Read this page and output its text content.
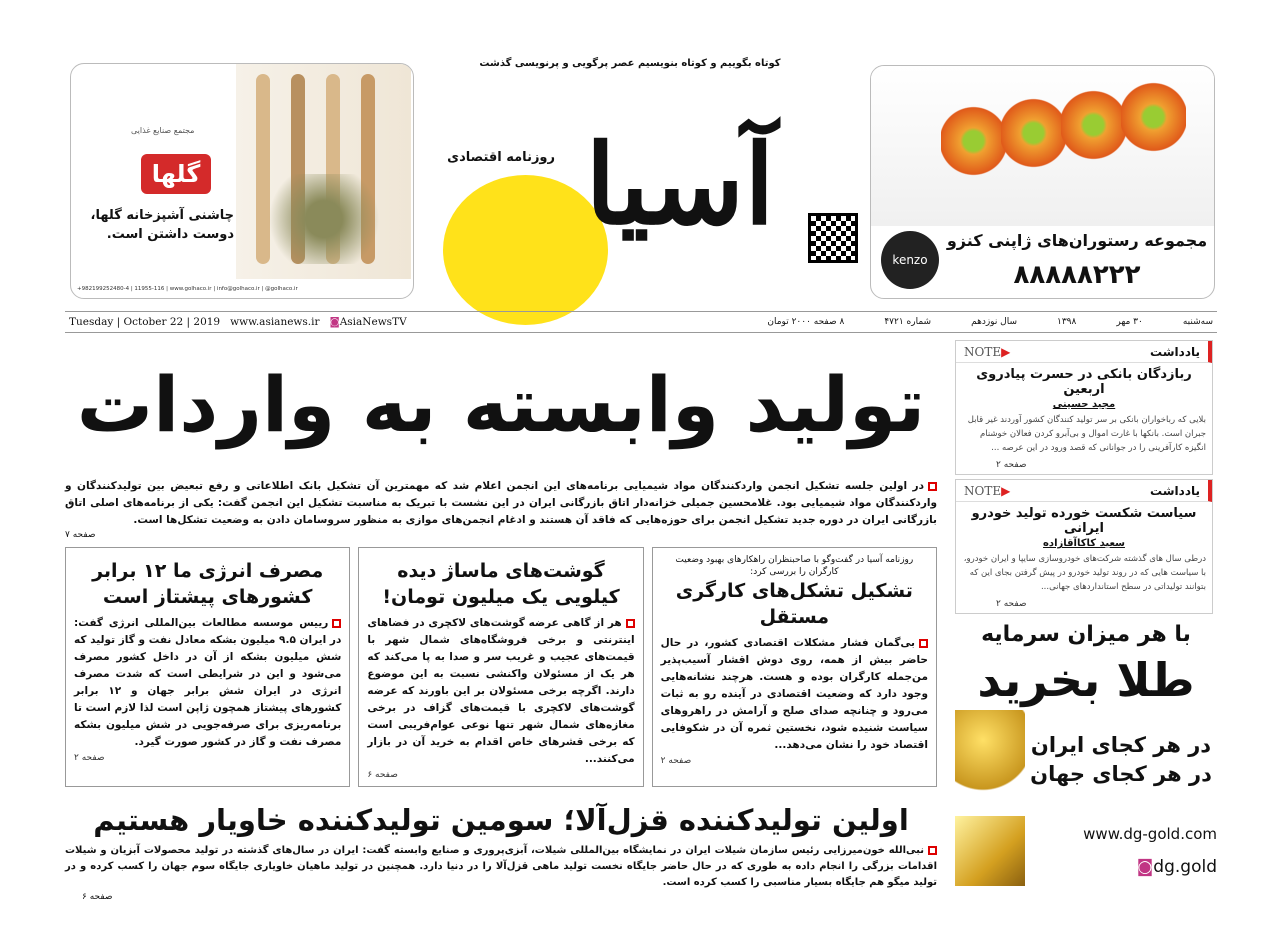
کوتاه بگوییم و کوتاه بنویسیم عصر پرگویی و پرنویسی گذشت
مجتمع صنایع غذایی
گلها
چاشنی آشپزخانه گلها، دوست داشتن است.
+982199252480-4 | 11955-116 | www.golhaco.ir | info@golhaco.ir | @golhaco.ir
آسیا
روزنامه اقتصادی
kenzo
مجموعه رستوران‌های ژاپنی کنزو
۸۸۸۸۸۲۲۲
Tuesday | October 22 | 2019 www.asianews.ir ◙AsiaNewsTV	سه‌شنبه
۳۰ مهر
۱۳۹۸
سال نوزدهم
شماره ۴۷۲۱
۸ صفحه ۲۰۰۰ تومان
تولید وابسته به واردات
در اولین جلسه تشکیل انجمن واردکنندگان مواد شیمیایی برنامه‌های این انجمن اعلام شد که مهمترین آن تشکیل بانک اطلاعاتی و رفع تبعیض بین تولیدکنندگان و واردکنندگان مواد شیمیایی بود. غلامحسین جمیلی خزانه‌دار اتاق بازرگانی ایران در این نشست با تبریک به مناسبت تشکیل این انجمن گفت: یکی از برنامه‌های اصلی اتاق بازرگانی ایران در دوره جدید تشکیل انجمن برای حوزه‌هایی که فاقد آن هستند و ادغام انجمن‌های موازی به منظور سروسامان دادن به وضعیت تشکل‌ها است.
صفحه ۷
روزنامه آسیا در گفت‌وگو با صاحبنظران راهکارهای بهبود وضعیت کارگران را بررسی کرد:
تشکیل تشکل‌های کارگری مستقل

بی‌گمان فشار مشکلات اقتصادی کشور، در حال حاضر بیش از همه، روی دوش اقشار آسیب‌پذیر من‌جمله کارگران بوده و هست. هرچند نشانه‌هایی وجود دارد که وضعیت اقتصادی در آینده رو به ثبات می‌رود و چنانچه صدای صلح و آرامش در راهروهای سیاست شنیده شود، نخستین ثمره آن در شکوفایی اقتصاد خود را نشان می‌دهد...

صفحه ۲
گوشت‌های ماساژ دیده کیلویی یک میلیون تومان!

هر از گاهی عرضه گوشت‌های لاکچری در فضاهای اینترنتی و برخی فروشگاه‌های شمال شهر با قیمت‌های عجیب و غریب سر و صدا به پا می‌کند که هر یک از مسئولان واکنشی نسبت به این موضوع دارند. اگرچه برخی مسئولان بر این باورند که عرضه گوشت‌های لاکچری با قیمت‌های گزاف در برخی مغازه‌های شمال شهر تنها نوعی عوام‌فریبی است که برخی قشرهای خاص اقدام به خرید آن در بازار می‌کنند...

صفحه ۶
مصرف انرژی ما ۱۲ برابر کشورهای پیشتاز است

رییس موسسه مطالعات بین‌المللی انرژی گفت: در ایران ۹.۵ میلیون بشکه معادل نفت و گاز تولید که شش میلیون بشکه از آن در داخل کشور مصرف می‌شود و این در شرایطی است که شدت مصرف انرژی در ایران شش برابر جهان و ۱۲ برابر کشورهای پیشتاز همچون ژاپن است لذا لازم است تا برنامه‌ریزی برای صرفه‌جویی در شش میلیون بشکه مصرف نفت و گاز در کشور صورت گیرد.

صفحه ۲
اولین تولیدکننده قزل‌آلا؛ سومین تولیدکننده خاویار هستیم
نبی‌الله خون‌میرزایی رئیس سازمان شیلات ایران در نمایشگاه بین‌المللی شیلات، آبزی‌پروری و صنایع وابسته گفت: ایران در سال‌های گذشته در تولید محصولات آبزیان و شیلات اقدامات بزرگی را انجام داده به طوری که در حال حاضر جایگاه نخست تولید ماهی قزل‌آلا را در دنیا دارد. همچنین در تولید ماهیان خاویاری جایگاه سوم جهان را کسب کرده و در تولید میگو هم جایگاه بسیار مناسبی را کسب کرده است.
صفحه ۶
یادداشت
NOTE▶
ربازدگان بانکی در حسرت پیادروی اربعین
مجید حسینی

بلایی که رباخواران بانکی بر سر تولید کنندگان کشور آوردند غیر قابل جبران است. بانکها با غارت اموال و بی‌آبرو کردن فعالان خوشنام انگیزه کارآفرینی را در جوانانی که قصد ورود در این عرصه ...

صفحه ۲
یادداشت
NOTE▶
سیاست شکست خورده تولید خودرو ایرانی
سعید کاکاآقازاده

درطی سال های گذشته شرکت‌های خودروسازی سایپا و ایران خودرو، با سیاست هایی که در روند تولید خودرو در پیش گرفتن بجای این که بتوانند تولیداتی در سطح استانداردهای جهانی...

صفحه ۲
با هر میزان سرمایه
طلا بخرید
در هر کجای ایران
در هر کجای جهان
www.dg-gold.com
◙dg.gold
